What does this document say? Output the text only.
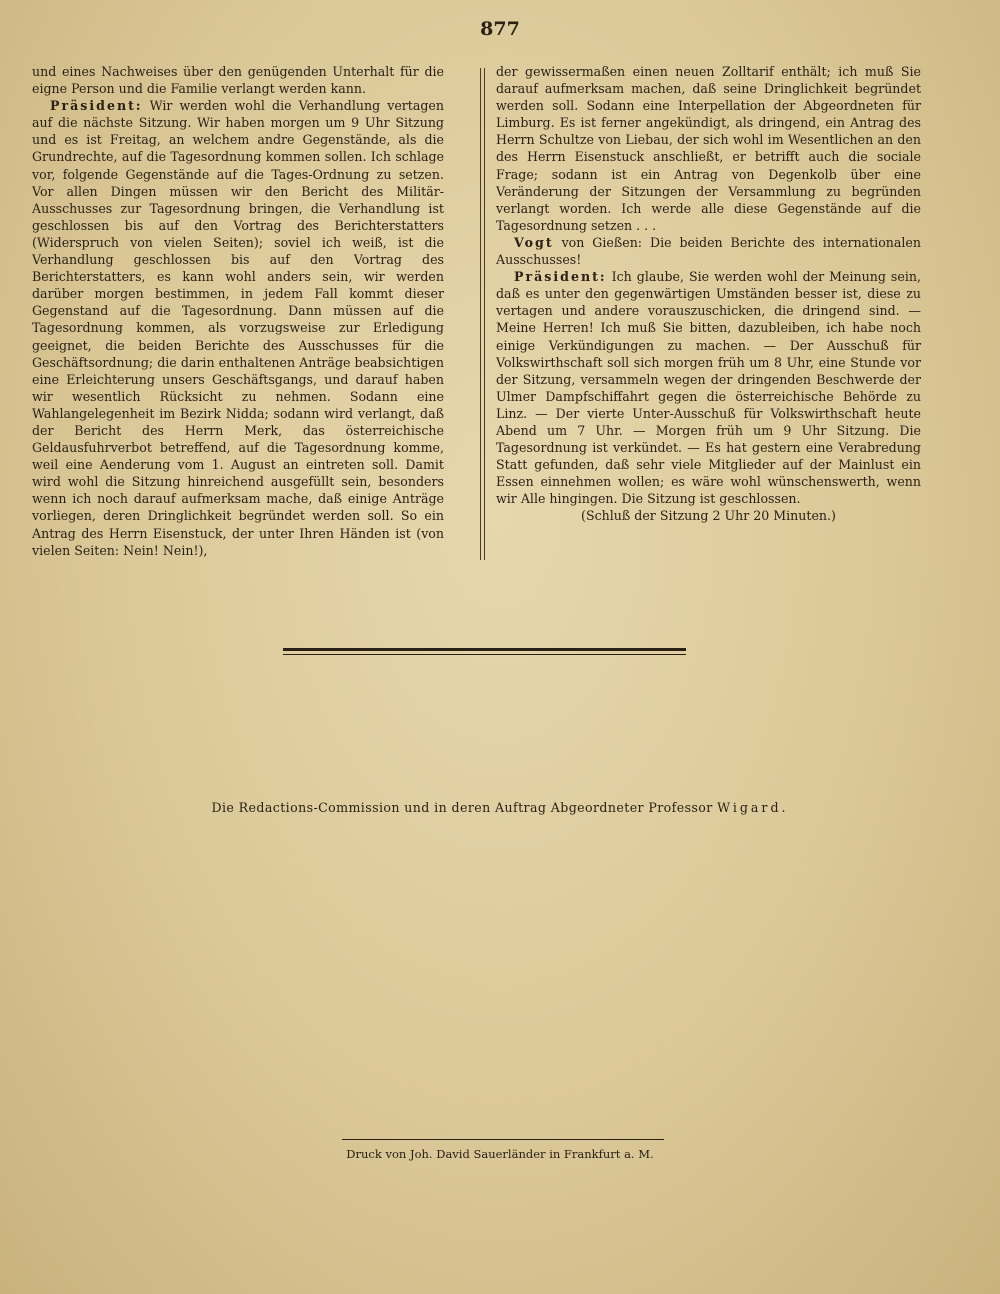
877

und eines Nachweises über den genügenden Unterhalt für die eigne Person und die Familie verlangt werden kann.

Präsident: Wir werden wohl die Verhandlung vertagen auf die nächste Sitzung. Wir haben morgen um 9 Uhr Sitzung und es ist Freitag, an welchem andre Gegenstände, als die Grundrechte, auf die Tagesordnung kommen sollen. Ich schlage vor, folgende Gegenstände auf die Tages-Ordnung zu setzen. Vor allen Dingen müssen wir den Bericht des Militär-Ausschusses zur Tagesordnung bringen, die Verhandlung ist geschlossen bis auf den Vortrag des Berichterstatters (Widerspruch von vielen Seiten); soviel ich weiß, ist die Verhandlung geschlossen bis auf den Vortrag des Berichterstatters, es kann wohl anders sein, wir werden darüber morgen bestimmen, in jedem Fall kommt dieser Gegenstand auf die Tagesordnung. Dann müssen auf die Tagesordnung kommen, als vorzugsweise zur Erledigung geeignet, die beiden Berichte des Ausschusses für die Geschäftsordnung; die darin enthaltenen Anträge beabsichtigen eine Erleichterung unsers Geschäftsgangs, und darauf haben wir wesentlich Rücksicht zu nehmen. Sodann eine Wahlangelegenheit im Bezirk Nidda; sodann wird verlangt, daß der Bericht des Herrn Merk, das österreichische Geldausfuhrverbot betreffend, auf die Tagesordnung komme, weil eine Aenderung vom 1. August an eintreten soll. Damit wird wohl die Sitzung hinreichend ausgefüllt sein, besonders wenn ich noch darauf aufmerksam mache, daß einige Anträge vorliegen, deren Dringlichkeit begründet werden soll. So ein Antrag des Herrn Eisenstuck, der unter Ihren Händen ist (von vielen Seiten: Nein! Nein!),

der gewissermaßen einen neuen Zolltarif enthält; ich muß Sie darauf aufmerksam machen, daß seine Dringlichkeit begründet werden soll. Sodann eine Interpellation der Abgeordneten für Limburg. Es ist ferner angekündigt, als dringend, ein Antrag des Herrn Schultze von Liebau, der sich wohl im Wesentlichen an den des Herrn Eisenstuck anschließt, er betrifft auch die sociale Frage; sodann ist ein Antrag von Degenkolb über eine Veränderung der Sitzungen der Versammlung zu begründen verlangt worden. Ich werde alle diese Gegenstände auf die Tagesordnung setzen . . .

Vogt von Gießen: Die beiden Berichte des internationalen Ausschusses!

Präsident: Ich glaube, Sie werden wohl der Meinung sein, daß es unter den gegenwärtigen Umständen besser ist, diese zu vertagen und andere vorauszuschicken, die dringend sind. — Meine Herren! Ich muß Sie bitten, dazubleiben, ich habe noch einige Verkündigungen zu machen. — Der Ausschuß für Volkswirthschaft soll sich morgen früh um 8 Uhr, eine Stunde vor der Sitzung, versammeln wegen der dringenden Beschwerde der Ulmer Dampfschiffahrt gegen die österreichische Behörde zu Linz. — Der vierte Unter-Ausschuß für Volkswirthschaft heute Abend um 7 Uhr. — Morgen früh um 9 Uhr Sitzung. Die Tagesordnung ist verkündet. — Es hat gestern eine Verabredung Statt gefunden, daß sehr viele Mitglieder auf der Mainlust ein Essen einnehmen wollen; es wäre wohl wünschenswerth, wenn wir Alle hingingen. Die Sitzung ist geschlossen.

(Schluß der Sitzung 2 Uhr 20 Minuten.)

Die Redactions-Commission und in deren Auftrag Abgeordneter Professor Wigard.
Druck von Joh. David Sauerländer in Frankfurt a. M.
